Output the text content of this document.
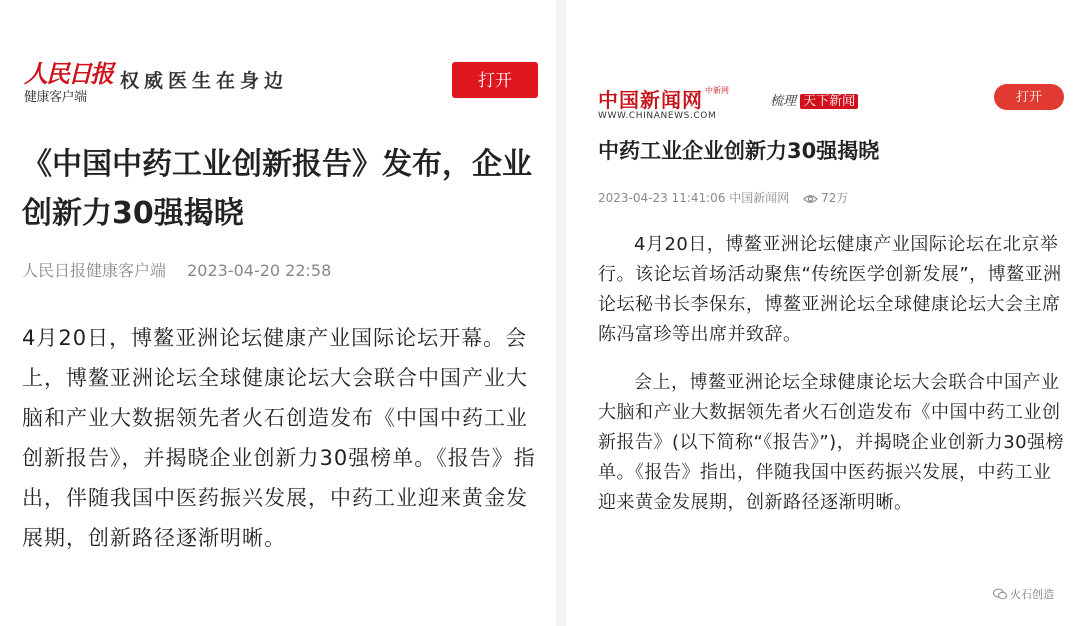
人民日报
健康客户端
权威医生在身边	打开
《中国中药工业创新报告》发布，企业创新力30强揭晓
人民日报健康客户端 2023-04-20 22:58

4月20日，博鳌亚洲论坛健康产业国际论坛开幕。会上，博鳌亚洲论坛全球健康论坛大会联合中国产业大脑和产业大数据领先者火石创造发布《中国中药工业创新报告》，并揭晓企业创新力30强榜单。《报告》指出，伴随我国中医药振兴发展，中药工业迎来黄金发展期，创新路径逐渐明晰。

中国新闻网 中新网
WWW.CHINANEWS.COM
梳理 天下新闻	打开
中药工业企业创新力30强揭晓
2023-04-23 11:41:06 中国新闻网	72万

4月20日，博鳌亚洲论坛健康产业国际论坛在北京举行。该论坛首场活动聚焦“传统医学创新发展”，博鳌亚洲论坛秘书长李保东，博鳌亚洲论坛全球健康论坛大会主席陈冯富珍等出席并致辞。

会上，博鳌亚洲论坛全球健康论坛大会联合中国产业大脑和产业大数据领先者火石创造发布《中国中药工业创新报告》(以下简称“《报告》”)，并揭晓企业创新力30强榜单。《报告》指出，伴随我国中医药振兴发展，中药工业迎来黄金发展期，创新路径逐渐明晰。

火石创造
